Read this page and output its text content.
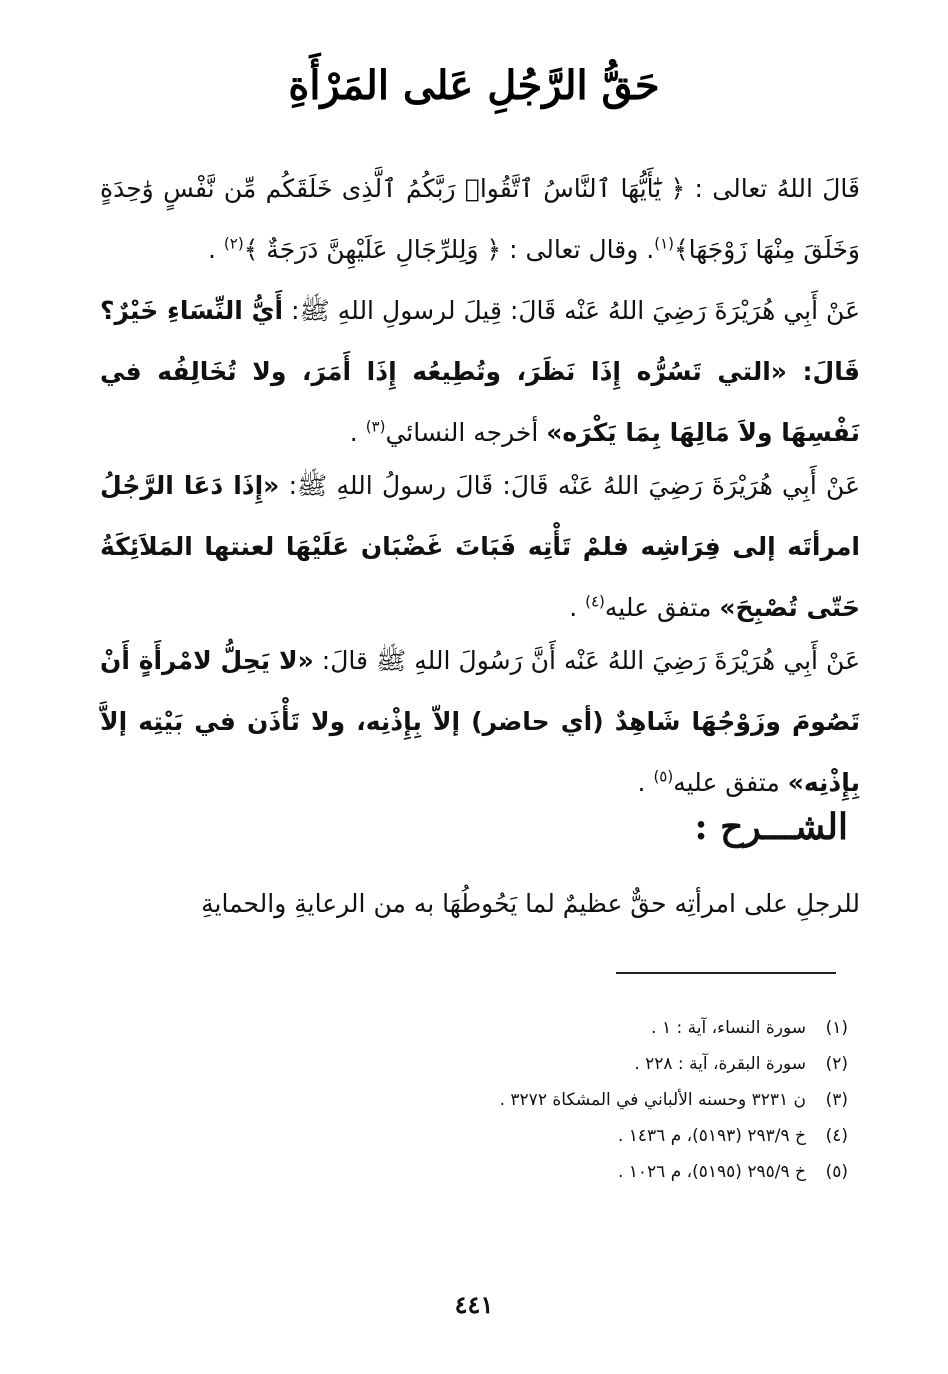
حَقُّ الرَّجُلِ عَلى المَرْأَةِ

قَالَ اللهُ تعالى : ﴿ يَٰٓأَيُّهَا ٱلنَّاسُ ٱتَّقُوا۟ رَبَّكُمُ ٱلَّذِى خَلَقَكُم مِّن نَّفْسٍ وَٰحِدَةٍ وَخَلَقَ مِنْهَا زَوْجَهَا﴾$^{(١)}$. وقال تعالى : ﴿ وَلِلرِّجَالِ عَلَيْهِنَّ دَرَجَةٌ ﴾$^{(٢)}$ .

عَنْ أَبِي هُرَيْرَةَ رَضِيَ اللهُ عَنْه قَالَ: قِيلَ لرسولِ اللهِ ﷺ: أَيُّ النِّسَاءِ خَيْرٌ؟ قَالَ: «التي تَسُرُّه إِذَا نَظَرَ، وتُطِيعُه إِذَا أَمَرَ، ولا تُخَالِفُه في نَفْسِهَا ولاَ مَالِهَا بِمَا يَكْرَه» أخرجه النسائي$^{(٣)}$ .

عَنْ أَبِي هُرَيْرَةَ رَضِيَ اللهُ عَنْه قَالَ: قَالَ رسولُ اللهِ ﷺ: «إِذَا دَعَا الرَّجُلُ امرأتَه إلى فِرَاشِه فلمْ تَأْتِه فَبَاتَ غَضْبَان عَلَيْهَا لعنتها المَلاَئِكَةُ حَتّى تُصْبِحَ» متفق عليه$^{(٤)}$ .

عَنْ أَبِي هُرَيْرَةَ رَضِيَ اللهُ عَنْه أَنَّ رَسُولَ اللهِ ﷺ قالَ: «لا يَحِلُّ لامْرأَةٍ أَنْ تَصُومَ وزَوْجُهَا شَاهِدٌ (أي حاضر) إلاّ بِإِذْنِه، ولا تَأْذَن في بَيْتِه إلاَّ بِإِذْنِه» متفق عليه$^{(٥)}$ .

الشـــرح :

للرجلِ على امرأتِه حقٌّ عظيمٌ لما يَحُوطُهَا به من الرعايةِ والحمايةِ

(١)
سورة النساء، آية : ١ .
(٢)
سورة البقرة، آية : ٢٢٨ .
(٣)
ن ٣٢٣١ وحسنه الألباني في المشكاة ٣٢٧٢ .
(٤)
خ ٢٩٣/٩ (٥١٩٣)، م ١٤٣٦ .
(٥)
خ ٢٩٥/٩ (٥١٩٥)، م ١٠٢٦ .
٤٤١
